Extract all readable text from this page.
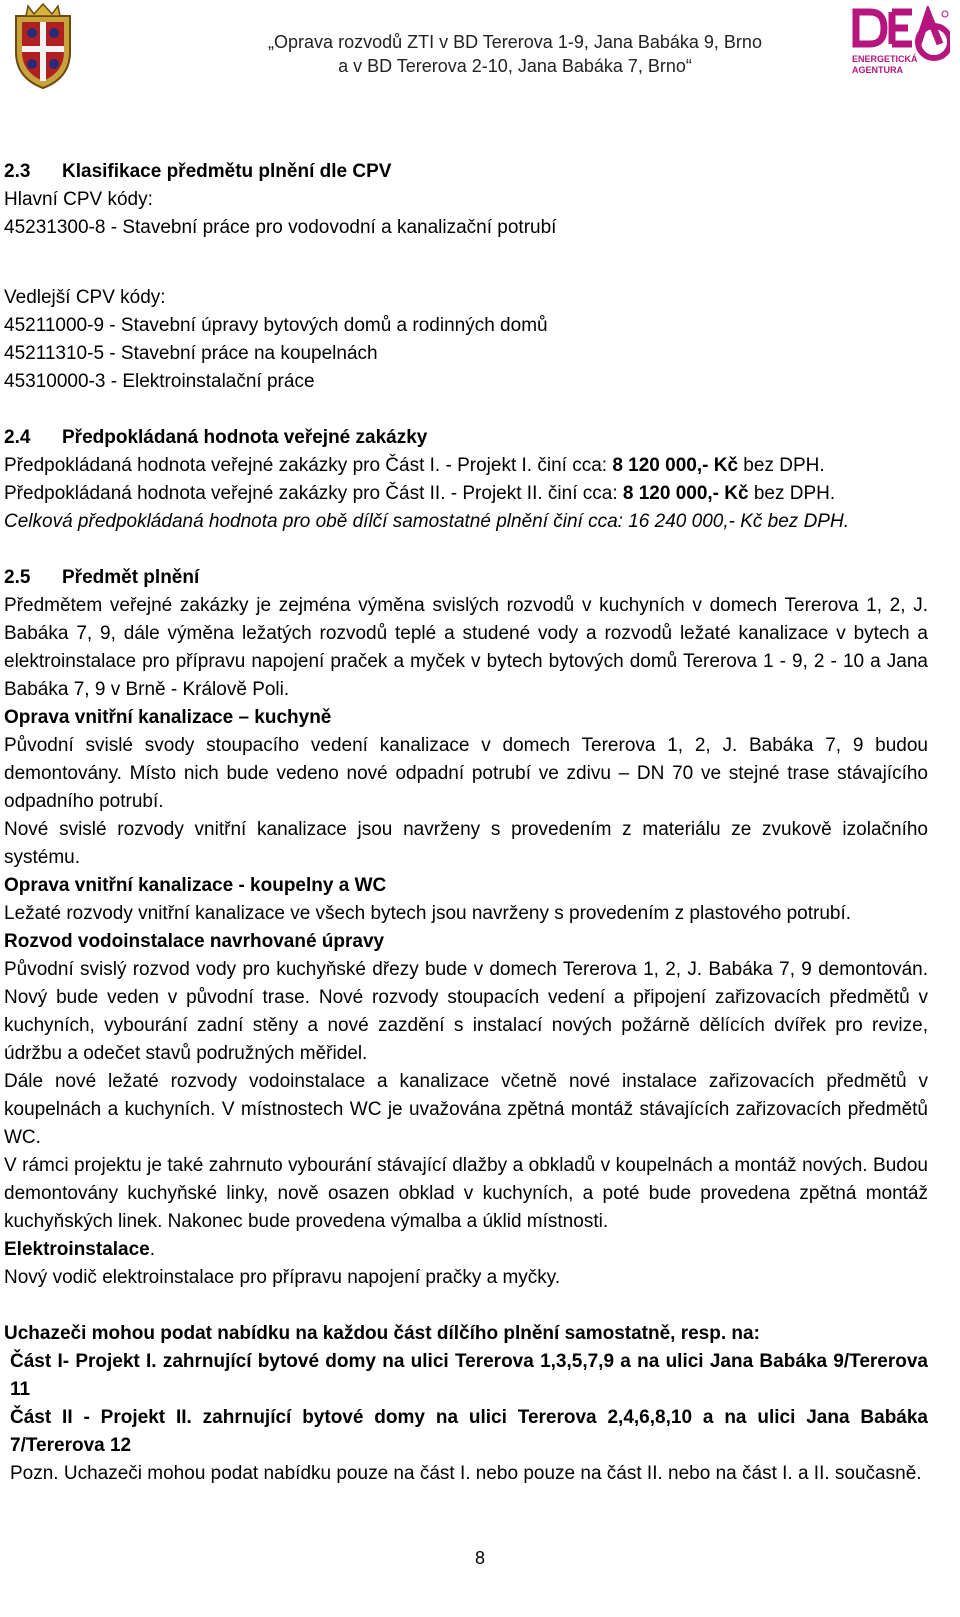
„Oprava rozvodů ZTI v BD Tererova 1-9, Jana Babáka 9, Brno
a v BD Tererova 2-10, Jana Babáka 7, Brno“	ENERGETICKÁ
AGENTURA

2.3 Klasifikace předmětu plnění dle CPV

Hlavní CPV kódy:

45231300-8 - Stavební práce pro vodovodní a kanalizační potrubí

Vedlejší CPV kódy:

45211000-9 - Stavební úpravy bytových domů a rodinných domů

45211310-5 - Stavební práce na koupelnách

45310000-3 - Elektroinstalační práce

2.4 Předpokládaná hodnota veřejné zakázky

Předpokládaná hodnota veřejné zakázky pro Část I. - Projekt I. činí cca: 8 120 000,- Kč bez DPH.

Předpokládaná hodnota veřejné zakázky pro Část II. - Projekt II. činí cca: 8 120 000,- Kč bez DPH.

Celková předpokládaná hodnota pro obě dílčí samostatné plnění činí cca: 16 240 000,- Kč bez DPH.

2.5 Předmět plnění

Předmětem veřejné zakázky je zejména výměna svislých rozvodů v kuchyních v domech Tererova 1, 2, J. Babáka 7, 9, dále výměna ležatých rozvodů teplé a studené vody a rozvodů ležaté kanalizace v bytech a elektroinstalace pro přípravu napojení praček a myček v bytech bytových domů Tererova 1 - 9, 2 - 10 a Jana Babáka 7, 9 v Brně - Královĕ Poli.

Oprava vnitřní kanalizace – kuchyně

Původní svislé svody stoupacího vedení kanalizace v domech Tererova 1, 2, J. Babáka 7, 9 budou demontovány. Místo nich bude vedeno nové odpadní potrubí ve zdivu – DN 70 ve stejné trase stávajícího odpadního potrubí.

Nové svislé rozvody vnitřní kanalizace jsou navrženy s provedením z materiálu ze zvukově izolačního systému.

Oprava vnitřní kanalizace - koupelny a WC

Ležaté rozvody vnitřní kanalizace ve všech bytech jsou navrženy s provedením z plastového potrubí.

Rozvod vodoinstalace navrhované úpravy

Původní svislý rozvod vody pro kuchyňské dřezy bude v domech Tererova 1, 2, J. Babáka 7, 9 demontován. Nový bude veden v původní trase. Nové rozvody stoupacích vedení a připojení zařizovacích předmětů v kuchyních, vybourání zadní stěny a nové zazdění s instalací nových požárně dělících dvířek pro revize, údržbu a odečet stavů podružných měřidel.

Dále nové ležaté rozvody vodoinstalace a kanalizace včetně nové instalace zařizovacích předmětů v koupelnách a kuchyních. V místnostech WC je uvažována zpětná montáž stávajících zařizovacích předmětů WC.

V rámci projektu je také zahrnuto vybourání stávající dlažby a obkladů v koupelnách a montáž nových. Budou demontovány kuchyňské linky, nově osazen obklad v kuchyních, a poté bude provedena zpětná montáž kuchyňských linek. Nakonec bude provedena výmalba a úklid místnosti.

Elektroinstalace.

Nový vodič elektroinstalace pro přípravu napojení pračky a myčky.

Uchazeči mohou podat nabídku na každou část dílčího plnění samostatně, resp. na:

Část I- Projekt I. zahrnující bytové domy na ulici Tererova 1,3,5,7,9 a na ulici Jana Babáka 9/Tererova 11

Část II - Projekt II. zahrnující bytové domy na ulici Tererova 2,4,6,8,10 a na ulici Jana Babáka 7/Tererova 12

Pozn. Uchazeči mohou podat nabídku pouze na část I. nebo pouze na část II. nebo na část I. a II. současně.

8
